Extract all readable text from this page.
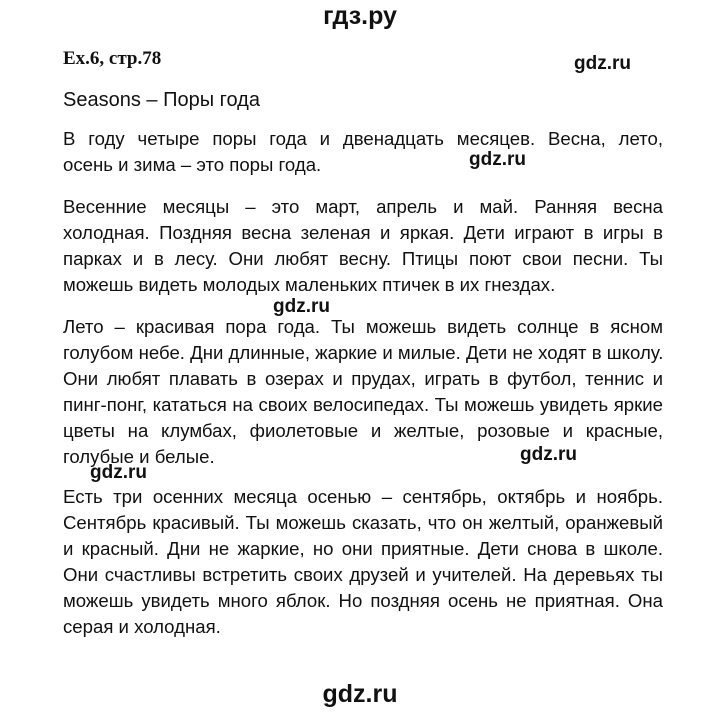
гдз.ру
Ex.6, стр.78	gdz.ru
Seasons – Поры года
В году четыре поры года и двенадцать месяцев. Весна, лето,
осень и зима – это поры года.	gdz.ru
Весенние месяцы – это март, апрель и май. Ранняя весна
холодная. Поздняя весна зеленая и яркая. Дети играют в игры в
парках и в лесу. Они любят весну. Птицы поют свои песни. Ты
можешь видеть молодых маленьких птичек в их гнездах.
gdz.ru
Лето – красивая пора года. Ты можешь видеть солнце в ясном
голубом небе. Дни длинные, жаркие и милые. Дети не ходят в школу.
Они любят плавать в озерах и прудах, играть в футбол, теннис и
пинг-понг, кататься на своих велосипедах. Ты можешь увидеть яркие
цветы на клумбах, фиолетовые и желтые, розовые и красные,
голубые и белые.	gdz.ru
gdz.ru
Есть три осенних месяца осенью – сентябрь, октябрь и ноябрь.
Сентябрь красивый. Ты можешь сказать, что он желтый, оранжевый
и красный. Дни не жаркие, но они приятные. Дети снова в школе.
Они счастливы встретить своих друзей и учителей. На деревьях ты
можешь увидеть много яблок. Но поздняя осень не приятная. Она
серая и холодная.
gdz.ru
